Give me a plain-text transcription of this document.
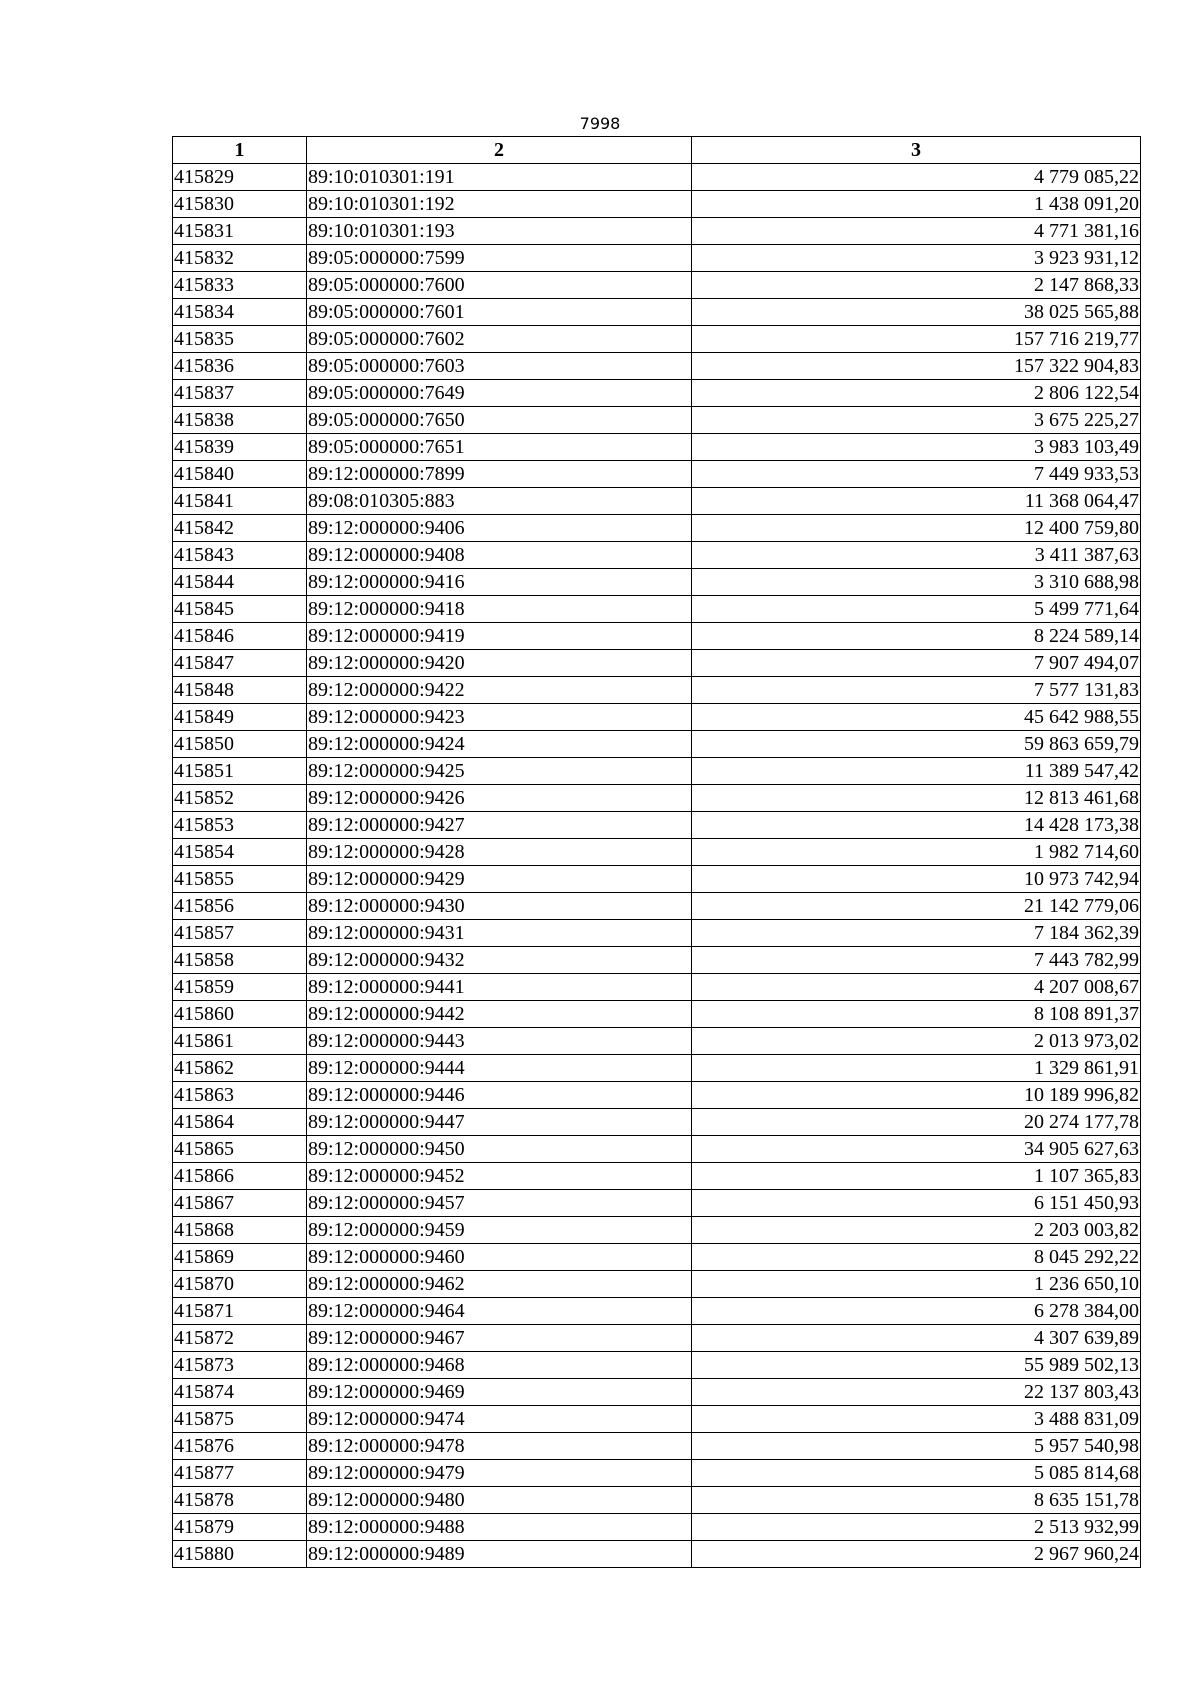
7998
1	2	3
415829	89:10:010301:191	4 779 085,22
415830	89:10:010301:192	1 438 091,20
415831	89:10:010301:193	4 771 381,16
415832	89:05:000000:7599	3 923 931,12
415833	89:05:000000:7600	2 147 868,33
415834	89:05:000000:7601	38 025 565,88
415835	89:05:000000:7602	157 716 219,77
415836	89:05:000000:7603	157 322 904,83
415837	89:05:000000:7649	2 806 122,54
415838	89:05:000000:7650	3 675 225,27
415839	89:05:000000:7651	3 983 103,49
415840	89:12:000000:7899	7 449 933,53
415841	89:08:010305:883	11 368 064,47
415842	89:12:000000:9406	12 400 759,80
415843	89:12:000000:9408	3 411 387,63
415844	89:12:000000:9416	3 310 688,98
415845	89:12:000000:9418	5 499 771,64
415846	89:12:000000:9419	8 224 589,14
415847	89:12:000000:9420	7 907 494,07
415848	89:12:000000:9422	7 577 131,83
415849	89:12:000000:9423	45 642 988,55
415850	89:12:000000:9424	59 863 659,79
415851	89:12:000000:9425	11 389 547,42
415852	89:12:000000:9426	12 813 461,68
415853	89:12:000000:9427	14 428 173,38
415854	89:12:000000:9428	1 982 714,60
415855	89:12:000000:9429	10 973 742,94
415856	89:12:000000:9430	21 142 779,06
415857	89:12:000000:9431	7 184 362,39
415858	89:12:000000:9432	7 443 782,99
415859	89:12:000000:9441	4 207 008,67
415860	89:12:000000:9442	8 108 891,37
415861	89:12:000000:9443	2 013 973,02
415862	89:12:000000:9444	1 329 861,91
415863	89:12:000000:9446	10 189 996,82
415864	89:12:000000:9447	20 274 177,78
415865	89:12:000000:9450	34 905 627,63
415866	89:12:000000:9452	1 107 365,83
415867	89:12:000000:9457	6 151 450,93
415868	89:12:000000:9459	2 203 003,82
415869	89:12:000000:9460	8 045 292,22
415870	89:12:000000:9462	1 236 650,10
415871	89:12:000000:9464	6 278 384,00
415872	89:12:000000:9467	4 307 639,89
415873	89:12:000000:9468	55 989 502,13
415874	89:12:000000:9469	22 137 803,43
415875	89:12:000000:9474	3 488 831,09
415876	89:12:000000:9478	5 957 540,98
415877	89:12:000000:9479	5 085 814,68
415878	89:12:000000:9480	8 635 151,78
415879	89:12:000000:9488	2 513 932,99
415880	89:12:000000:9489	2 967 960,24
